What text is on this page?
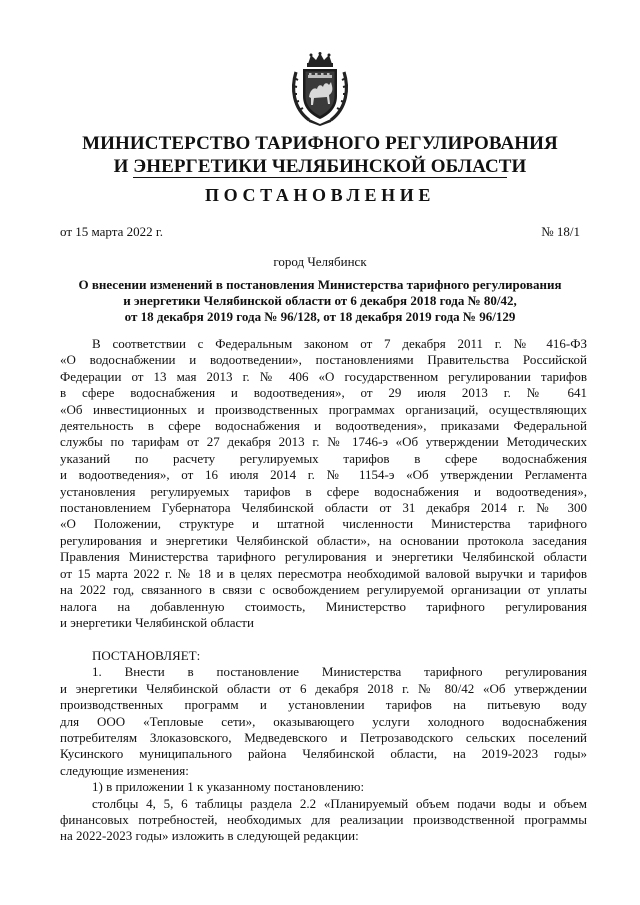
МИНИСТЕРСТВО ТАРИФНОГО РЕГУЛИРОВАНИЯ
И ЭНЕРГЕТИКИ ЧЕЛЯБИНСКОЙ ОБЛАСТИ
ПОСТАНОВЛЕНИЕ
от 15 марта 2022 г.	№ 18/1
город Челябинск
О внесении изменений в постановления Министерства тарифного регулирования
и энергетики Челябинской области от 6 декабря 2018 года № 80/42,
от 18 декабря 2019 года № 96/128, от 18 декабря 2019 года № 96/129
В соответствии с Федеральным законом от 7 декабря 2011 г. № 416-ФЗ
«О водоснабжении и водоотведении», постановлениями Правительства Российской
Федерации от 13 мая 2013 г. № 406 «О государственном регулировании тарифов
в сфере водоснабжения и водоотведения», от 29 июля 2013 г. № 641
«Об инвестиционных и производственных программах организаций, осуществляющих
деятельность в сфере водоснабжения и водоотведения», приказами Федеральной
службы по тарифам от 27 декабря 2013 г. № 1746-э «Об утверждении Методических
указаний по расчету регулируемых тарифов в сфере водоснабжения
и водоотведения», от 16 июля 2014 г. № 1154-э «Об утверждении Регламента
установления регулируемых тарифов в сфере водоснабжения и водоотведения»,
постановлением Губернатора Челябинской области от 31 декабря 2014 г. № 300
«О Положении, структуре и штатной численности Министерства тарифного
регулирования и энергетики Челябинской области», на основании протокола заседания
Правления Министерства тарифного регулирования и энергетики Челябинской области
от 15 марта 2022 г. № 18 и в целях пересмотра необходимой валовой выручки и тарифов
на 2022 год, связанного в связи с освобождением регулируемой организации от уплаты
налога на добавленную стоимость, Министерство тарифного регулирования
и энергетики Челябинской области
ПОСТАНОВЛЯЕТ:
1. Внести в постановление Министерства тарифного регулирования
и энергетики Челябинской области от 6 декабря 2018 г. № 80/42 «Об утверждении
производственных программ и установлении тарифов на питьевую воду
для ООО «Тепловые сети», оказывающего услуги холодного водоснабжения
потребителям Злоказовского, Медведевского и Петрозаводского сельских поселений
Кусинского муниципального района Челябинской области, на 2019-2023 годы»
следующие изменения:
1) в приложении 1 к указанному постановлению:
столбцы 4, 5, 6 таблицы раздела 2.2 «Планируемый объем подачи воды и объем
финансовых потребностей, необходимых для реализации производственной программы
на 2022-2023 годы» изложить в следующей редакции:
